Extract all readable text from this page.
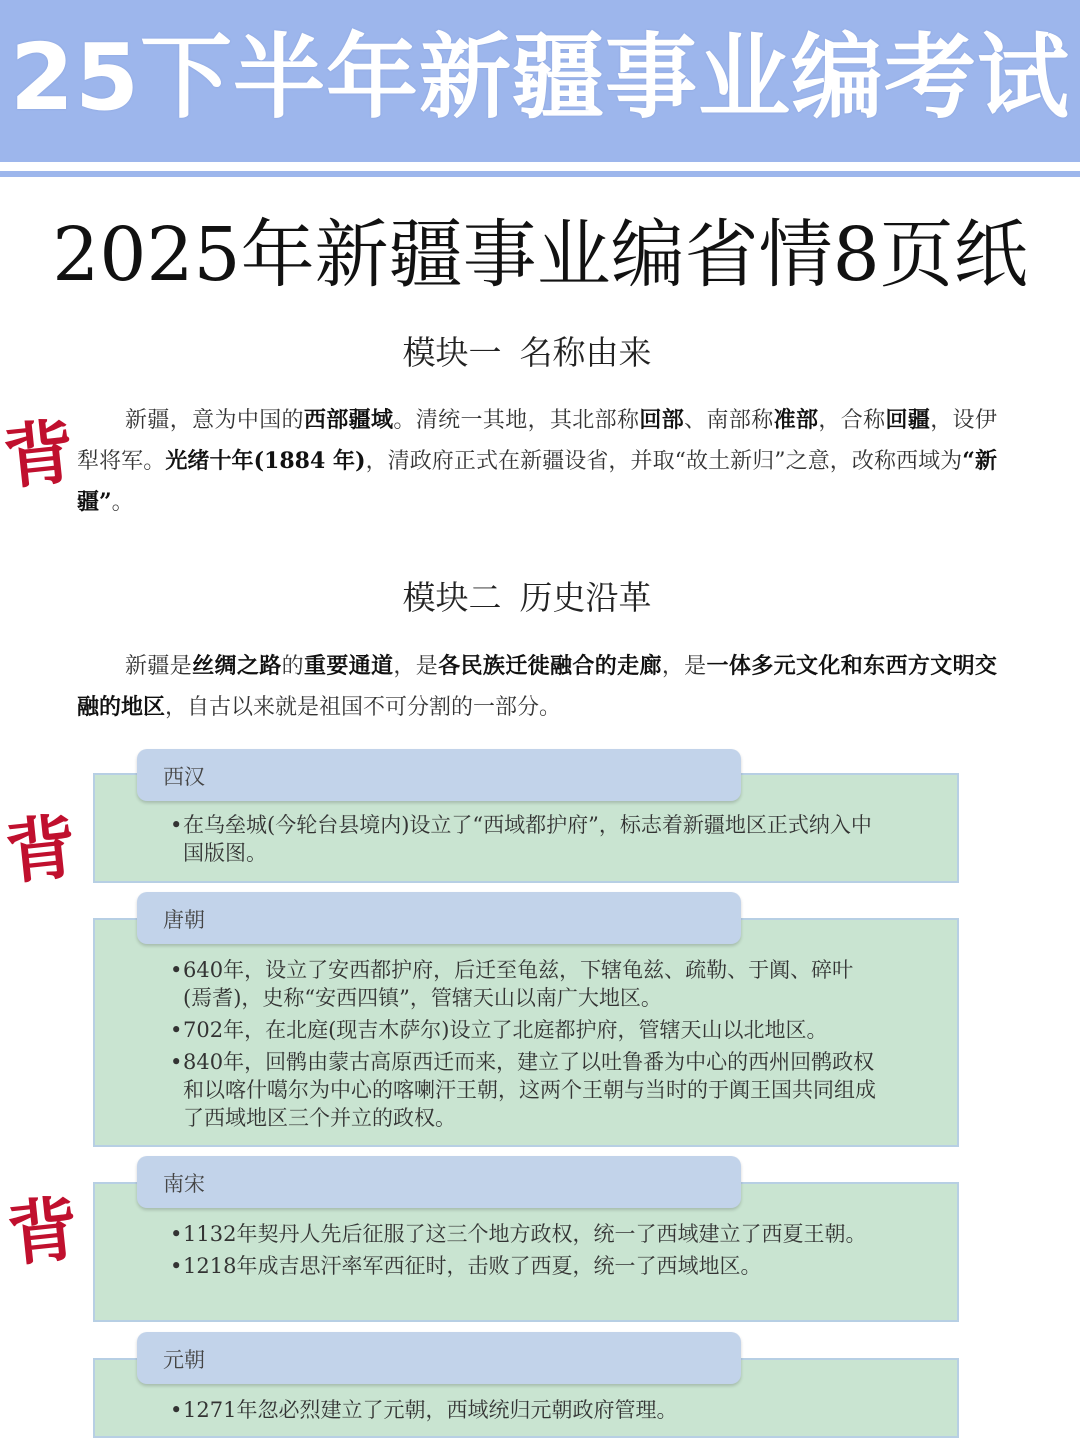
25下半年新疆事业编考试
2025年新疆事业编省情8页纸
模块一 名称由来
背	新疆，意为中国的西部疆域。清统一其地，其北部称回部、南部称准部，合称回疆，设伊犁将军。光绪十年(1884 年)，清政府正式在新疆设省，并取“故土新归”之意，改称西域为“新疆”。
模块二 历史沿革
新疆是丝绸之路的重要通道，是各民族迁徙融合的走廊，是一体多元文化和东西方文明交融的地区，自古以来就是祖国不可分割的一部分。
背
背
• 在乌垒城(今轮台县境内)设立了“西域都护府”，标志着新疆地区正式纳入中国版图。
西汉
• 640年，设立了安西都护府，后迁至龟兹，下辖龟兹、疏勒、于阗、碎叶(焉耆)，史称“安西四镇”，管辖天山以南广大地区。
• 702年，在北庭(现吉木萨尔)设立了北庭都护府，管辖天山以北地区。
• 840年，回鹘由蒙古高原西迁而来，建立了以吐鲁番为中心的西州回鹘政权和以喀什噶尔为中心的喀喇汗王朝，这两个王朝与当时的于阗王国共同组成了西域地区三个并立的政权。
唐朝
• 1132年契丹人先后征服了这三个地方政权，统一了西域建立了西夏王朝。
• 1218年成吉思汗率军西征时，击败了西夏，统一了西域地区。
南宋
• 1271年忽必烈建立了元朝，西域统归元朝政府管理。
元朝
